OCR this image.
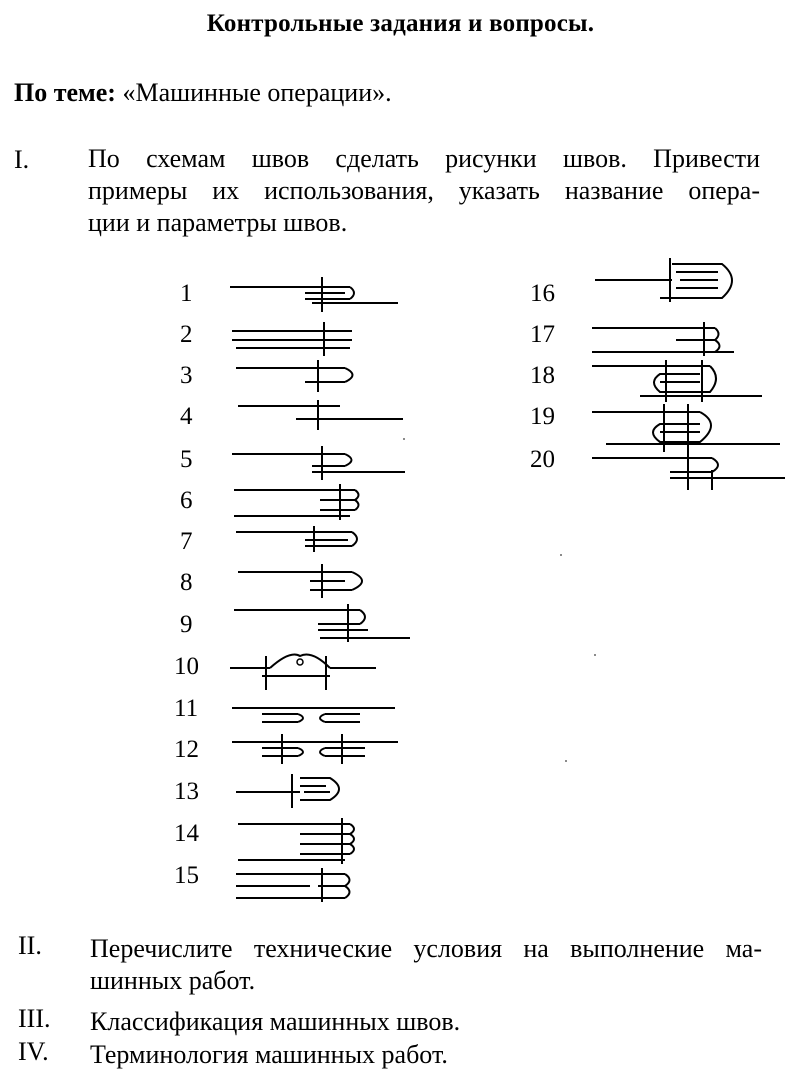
Контрольные задания и вопросы.
По теме: «Машинные операции».
I. По схемам швов сделать рисунки швов. Привести
примеры их использования, указать название опера-
ции и параметры швов.
1
2
3
4
5
6
7
8
9
10
11
12
13
14
15
16
17
18
19
20
II. Перечислите технические условия на выполнение ма-
шинных работ.
III. Классификация машинных швов.
IV. Терминология машинных работ.
